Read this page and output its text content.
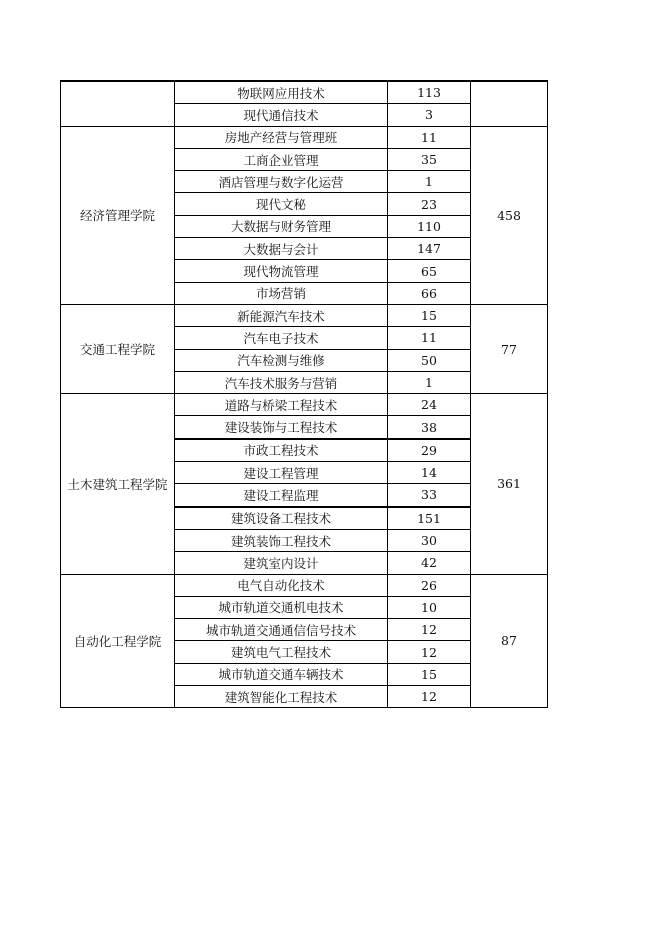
	物联网应用技术	113	
	现代通信技术	3	
经济管理学院	房地产经营与管理班	11	458
	工商企业管理	35	
	酒店管理与数字化运营	1	
	现代文秘	23	
	大数据与财务管理	110	
	大数据与会计	147	
	现代物流管理	65	
	市场营销	66	
交通工程学院	新能源汽车技术	15	77
	汽车电子技术	11	
	汽车检测与维修	50	
	汽车技术服务与营销	1	
土木建筑工程学院	道路与桥梁工程技术	24	361
	建设装饰与工程技术	38	
	市政工程技术	29	
	建设工程管理	14	
	建设工程监理	33	
	建筑设备工程技术	151	
	建筑装饰工程技术	30	
	建筑室内设计	42	
自动化工程学院	电气自动化技术	26	87
	城市轨道交通机电技术	10	
	城市轨道交通通信信号技术	12	
	建筑电气工程技术	12	
	城市轨道交通车辆技术	15	
	建筑智能化工程技术	12	
